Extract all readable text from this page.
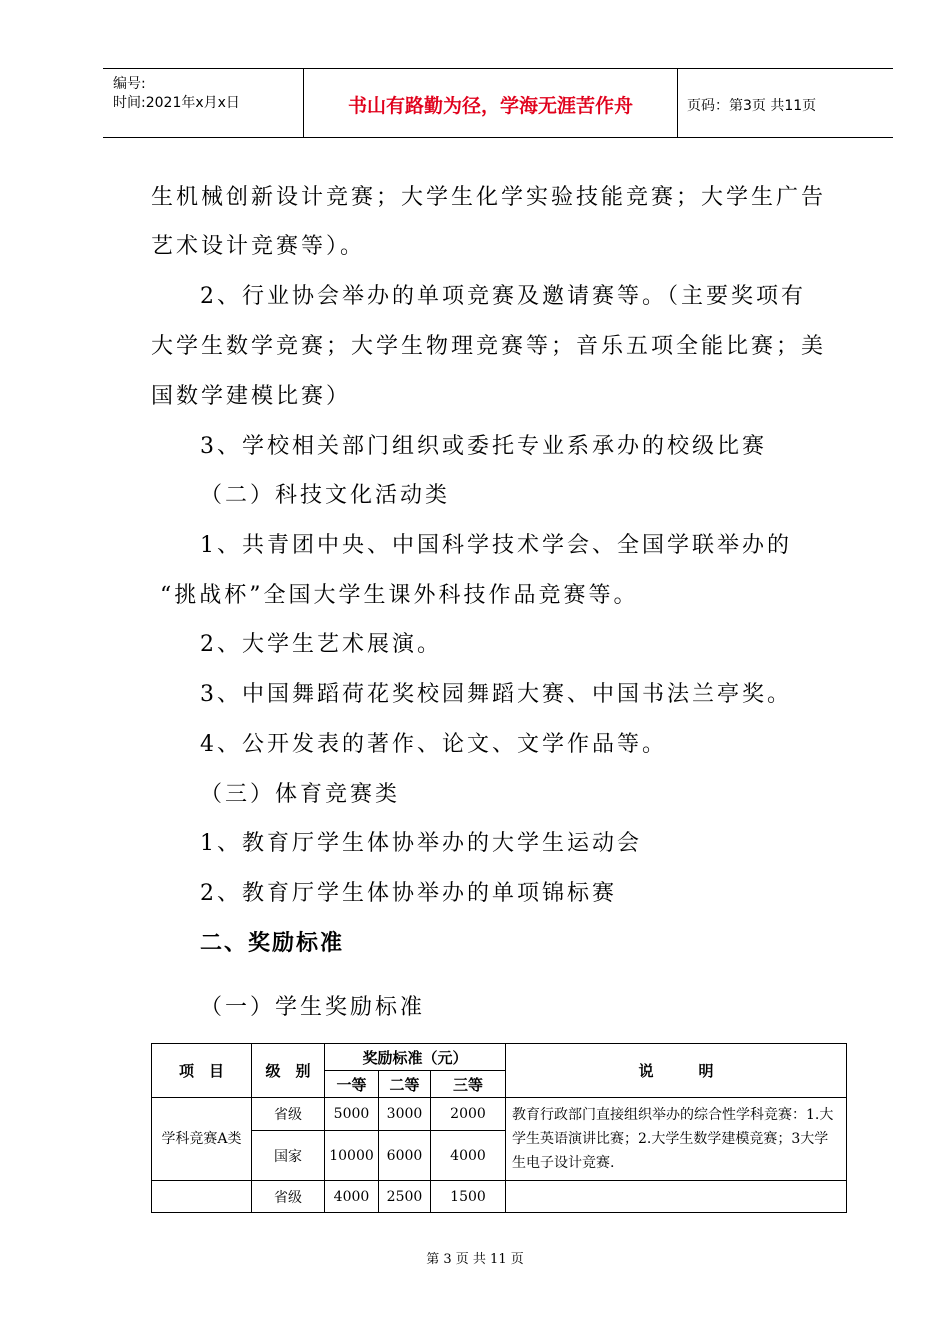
编号:
时间:2021年x月x日	书山有路勤为径，学海无涯苦作舟	页码：第3页 共11页
生机械创新设计竞赛；大学生化学实验技能竞赛；大学生广告
艺术设计竞赛等）。
2、行业协会举办的单项竞赛及邀请赛等。（主要奖项有
大学生数学竞赛；大学生物理竞赛等；音乐五项全能比赛；美
国数学建模比赛）
3、学校相关部门组织或委托专业系承办的校级比赛
（二）科技文化活动类
1、共青团中央、中国科学技术学会、全国学联举办的
“挑战杯”全国大学生课外科技作品竞赛等。
2、大学生艺术展演。
3、中国舞蹈荷花奖校园舞蹈大赛、中国书法兰亭奖。
4、公开发表的著作、论文、文学作品等。
（三）体育竞赛类
1、教育厅学生体协举办的大学生运动会
2、教育厅学生体协举办的单项锦标赛
二、奖励标准
（一）学生奖励标准
项　目	级　别	奖励标准（元）			说　　　明
		一等	二等	三等	
学科竞赛A类	省级	5000	3000	2000	教育行政部门直接组织举办的综合性学科竞赛：1.大学生英语演讲比赛；2.大学生数学建模竞赛；3大学生电子设计竞赛.
	国家	10000	6000	4000	
	省级	4000	2500	1500	
第 3 页 共 11 页
